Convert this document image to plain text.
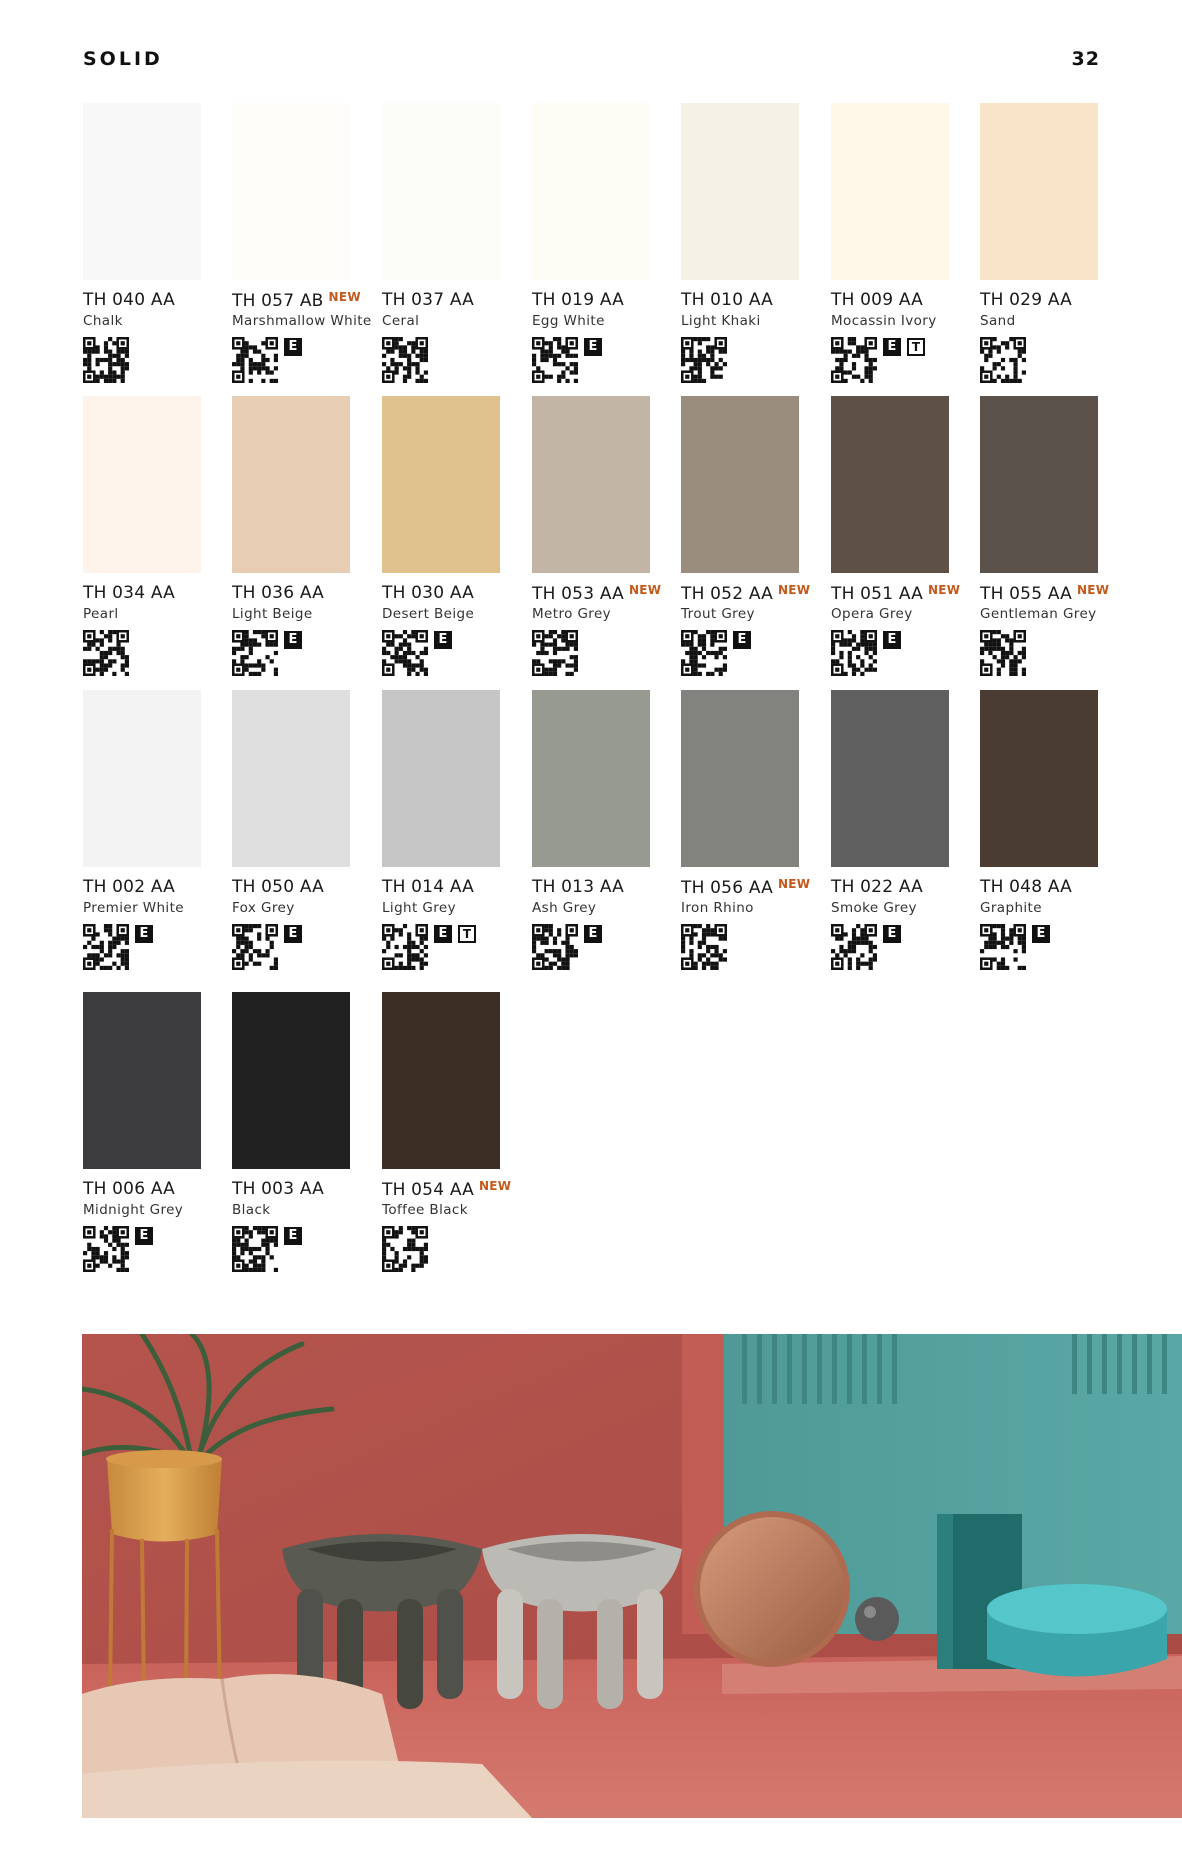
SOLID	32
TH 040 AA
Chalk
TH 057 AB $^{NEW}$
Marshmallow White
E
TH 037 AA
Ceral
TH 019 AA
Egg White
E
TH 010 AA
Light Khaki
TH 009 AA
Mocassin Ivory
E	T
TH 029 AA
Sand
TH 034 AA
Pearl
TH 036 AA
Light Beige
E
TH 030 AA
Desert Beige
E
TH 053 AA $^{NEW}$
Metro Grey
TH 052 AA $^{NEW}$
Trout Grey
E
TH 051 AA $^{NEW}$
Opera Grey
E
TH 055 AA $^{NEW}$
Gentleman Grey
TH 002 AA
Premier White
E
TH 050 AA
Fox Grey
E
TH 014 AA
Light Grey
E	T
TH 013 AA
Ash Grey
E
TH 056 AA $^{NEW}$
Iron Rhino
TH 022 AA
Smoke Grey
E
TH 048 AA
Graphite
E
TH 006 AA
Midnight Grey
E
TH 003 AA
Black
E
TH 054 AA $^{NEW}$
Toffee Black
